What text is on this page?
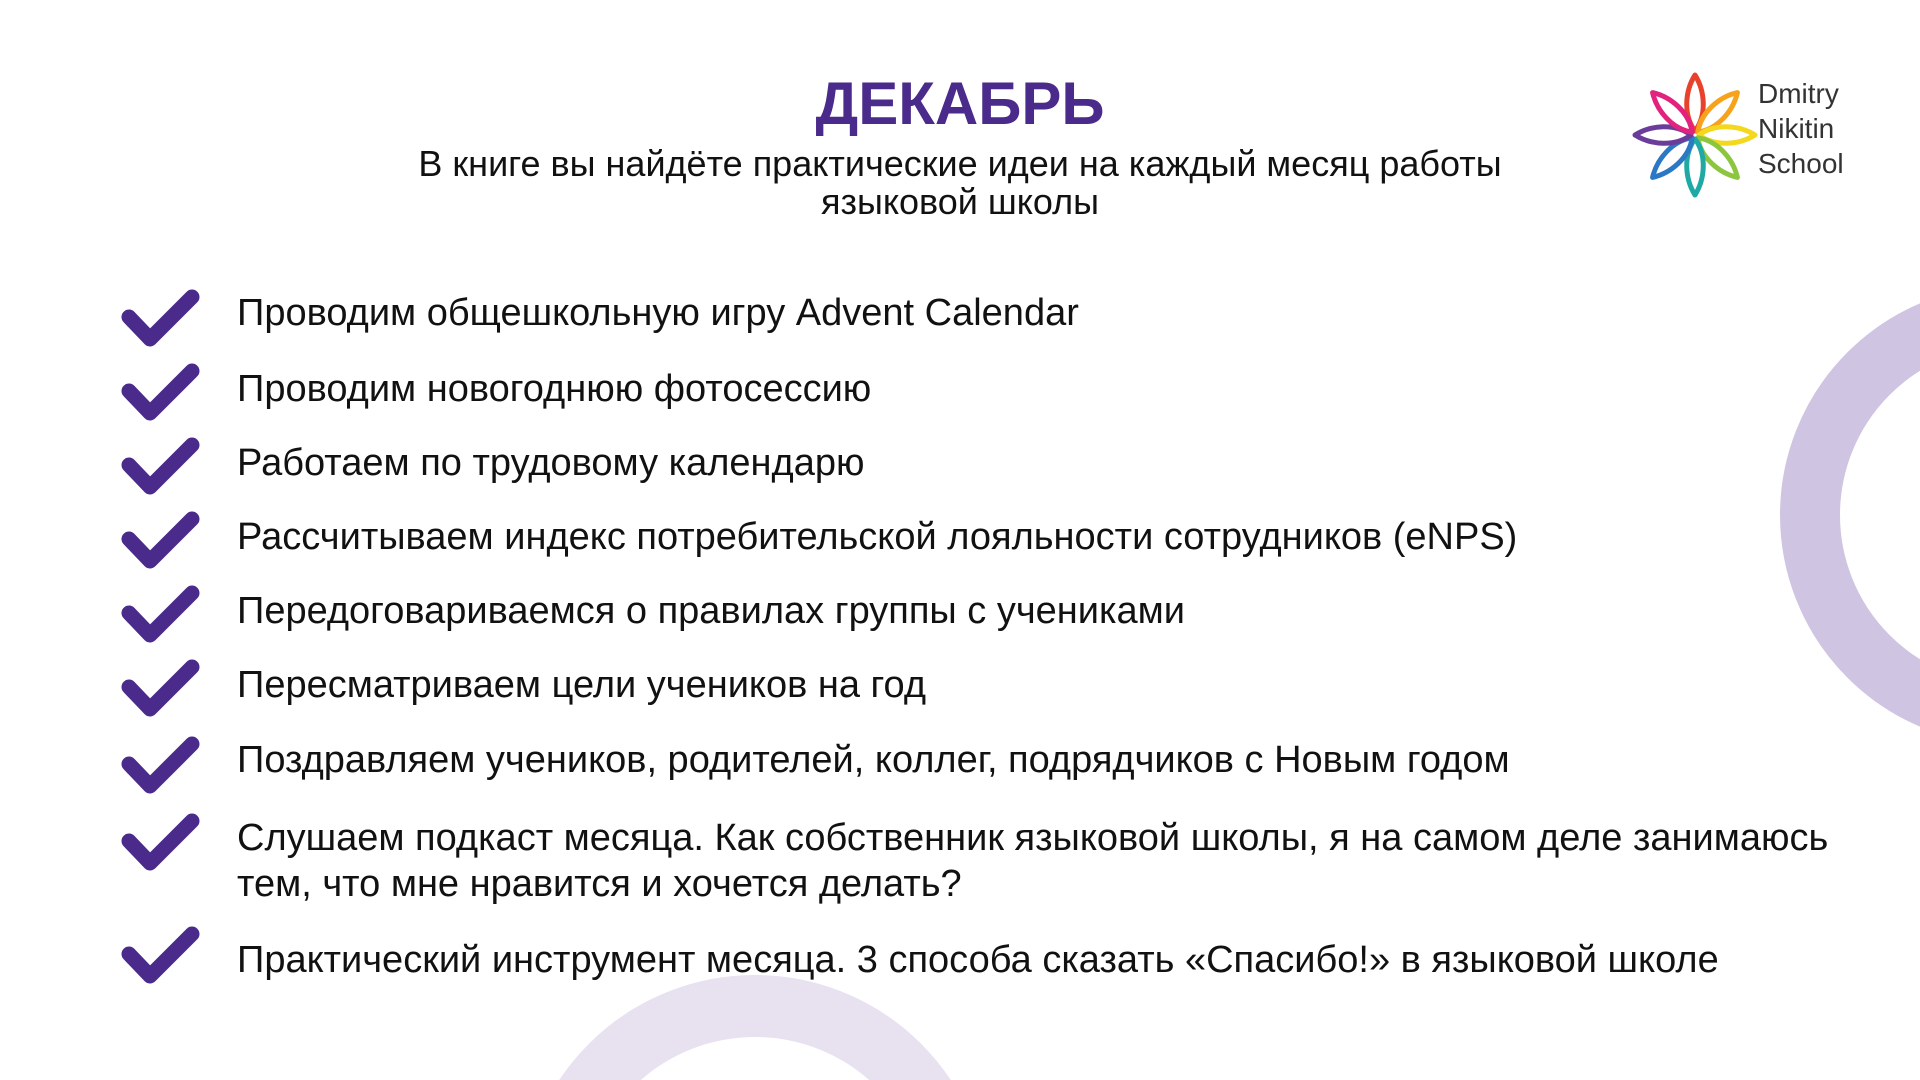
ДЕКАБРЬ
В книге вы найдёте практические идеи на каждый месяц работы языковой школы
Dmitry
Nikitin
School
Проводим общешкольную игру Advent Calendar
Проводим новогоднюю фотосессию
Работаем по трудовому календарю
Рассчитываем индекс потребительской лояльности сотрудников (eNPS)
Передоговариваемся о правилах группы с учениками
Пересматриваем цели учеников на год
Поздравляем учеников, родителей, коллег, подрядчиков с Новым годом
Слушаем подкаст месяца. Как собственник языковой школы, я на самом деле занимаюсь тем, что мне нравится и хочется делать?
Практический инструмент месяца. 3 способа сказать «Спасибо!» в языковой школе
